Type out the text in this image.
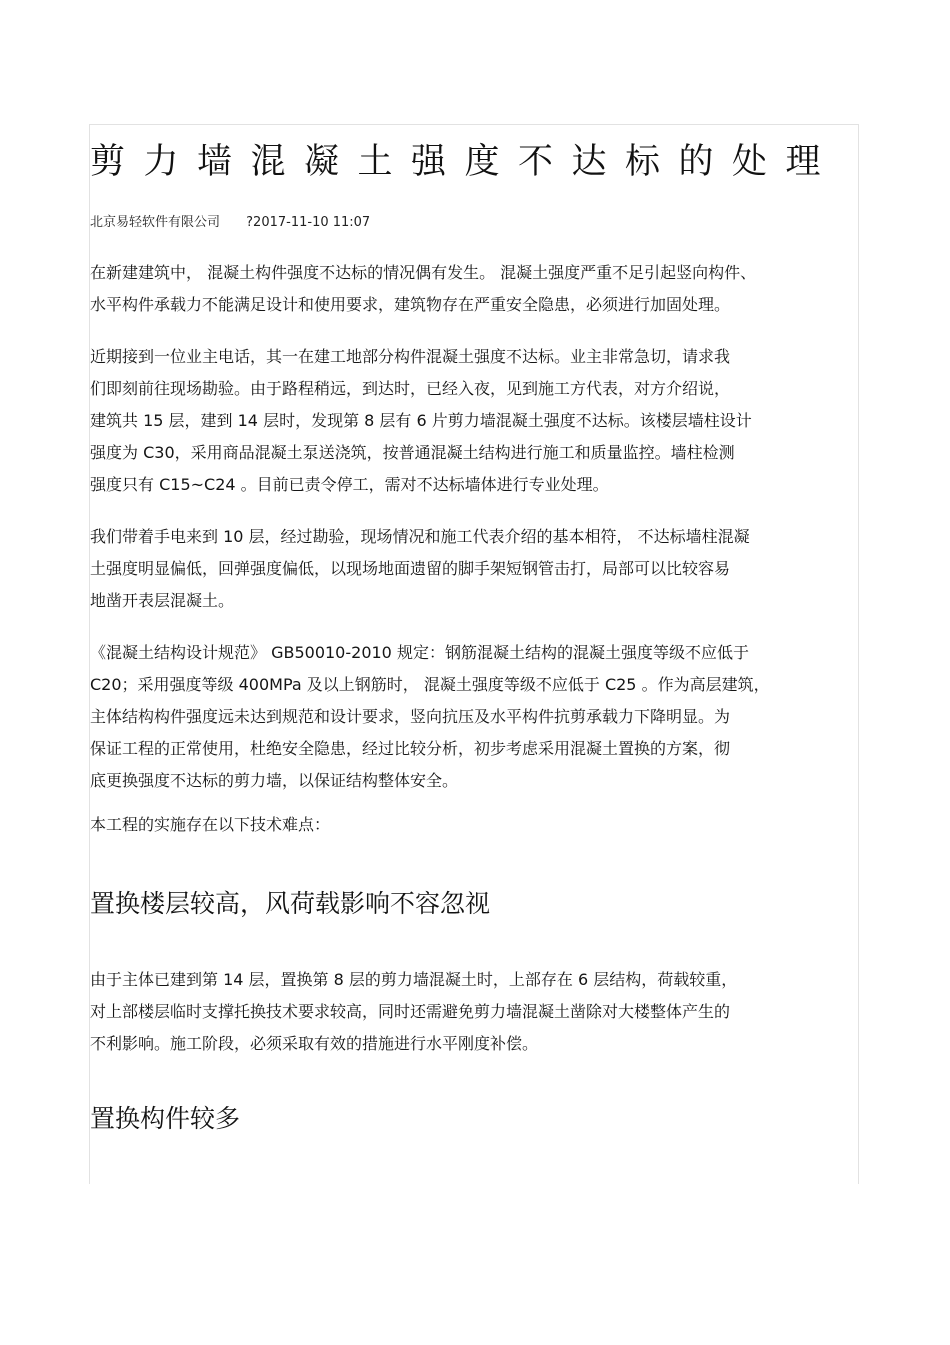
剪力墙混凝土强度不达标的处理
北京易轻软件有限公司 ?2017-11-10 11:07

在新建建筑中， 混凝土构件强度不达标的情况偶有发生。 混凝土强度严重不足引起竖向构件、
水平构件承载力不能满足设计和使用要求，建筑物存在严重安全隐患，必须进行加固处理。

近期接到一位业主电话，其一在建工地部分构件混凝土强度不达标。业主非常急切，请求我
们即刻前往现场勘验。由于路程稍远，到达时，已经入夜，见到施工方代表，对方介绍说，
建筑共 15 层，建到 14 层时，发现第 8 层有 6 片剪力墙混凝土强度不达标。该楼层墙柱设计
强度为 C30，采用商品混凝土泵送浇筑，按普通混凝土结构进行施工和质量监控。墙柱检测
强度只有 C15~C24 。目前已责令停工，需对不达标墙体进行专业处理。

我们带着手电来到 10 层，经过勘验，现场情况和施工代表介绍的基本相符， 不达标墙柱混凝
土强度明显偏低，回弹强度偏低，以现场地面遗留的脚手架短钢管击打，局部可以比较容易
地凿开表层混凝土。

《混凝土结构设计规范》 GB50010-2010 规定：钢筋混凝土结构的混凝土强度等级不应低于
C20；采用强度等级 400MPa 及以上钢筋时， 混凝土强度等级不应低于 C25 。作为高层建筑，
主体结构构件强度远未达到规范和设计要求，竖向抗压及水平构件抗剪承载力下降明显。为
保证工程的正常使用，杜绝安全隐患，经过比较分析，初步考虑采用混凝土置换的方案，彻
底更换强度不达标的剪力墙，以保证结构整体安全。

本工程的实施存在以下技术难点：

置换楼层较高，风荷载影响不容忽视

由于主体已建到第 14 层，置换第 8 层的剪力墙混凝土时，上部存在 6 层结构，荷载较重，
对上部楼层临时支撑托换技术要求较高，同时还需避免剪力墙混凝土凿除对大楼整体产生的
不利影响。施工阶段，必须采取有效的措施进行水平刚度补偿。

置换构件较多
